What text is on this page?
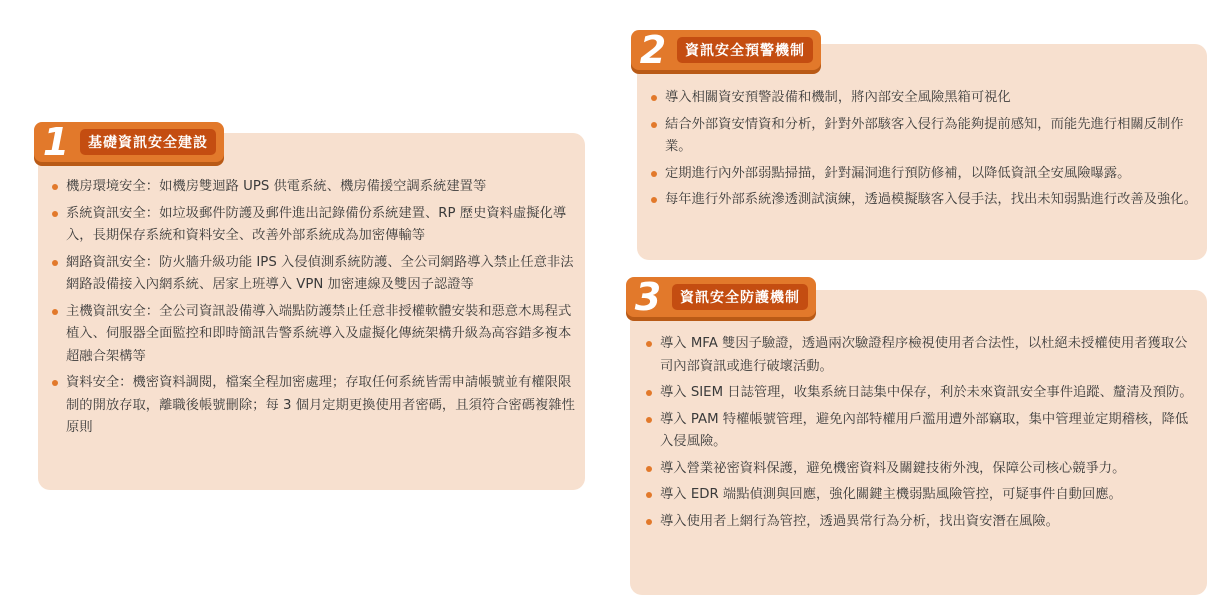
1	基礎資訊安全建設
機房環境安全：如機房雙迴路 UPS 供電系統、機房備援空調系統建置等
系統資訊安全：如垃圾郵件防護及郵件進出記錄備份系統建置、RP 歷史資料虛擬化導入，長期保存系統和資料安全、改善外部系統成為加密傳輸等
網路資訊安全：防火牆升級功能 IPS 入侵偵測系統防護、全公司網路導入禁止任意非法網路設備接入內網系統、居家上班導入 VPN 加密連線及雙因子認證等
主機資訊安全：全公司資訊設備導入端點防護禁止任意非授權軟體安裝和惡意木馬程式植入、伺服器全面監控和即時簡訊告警系統導入及虛擬化傳統架構升級為高容錯多複本超融合架構等
資料安全：機密資料調閱，檔案全程加密處理；存取任何系統皆需申請帳號並有權限限制的開放存取，離職後帳號刪除；每 3 個月定期更換使用者密碼，且須符合密碼複雜性原則
2	資訊安全預警機制
導入相關資安預警設備和機制，將內部安全風險黑箱可視化
結合外部資安情資和分析，針對外部駭客入侵行為能夠提前感知，而能先進行相關反制作業。
定期進行內外部弱點掃描，針對漏洞進行預防修補，以降低資訊全安風險曝露。
每年進行外部系統滲透測試演練，透過模擬駭客入侵手法，找出未知弱點進行改善及強化。
3	資訊安全防護機制
導入 MFA 雙因子驗證，透過兩次驗證程序檢視使用者合法性，以杜絕未授權使用者獲取公司內部資訊或進行破壞活動。
導入 SIEM 日誌管理，收集系統日誌集中保存，利於未來資訊安全事件追蹤、釐清及預防。
導入 PAM 特權帳號管理，避免內部特權用戶濫用遭外部竊取，集中管理並定期稽核，降低入侵風險。
導入營業祕密資料保護，避免機密資料及關鍵技術外洩，保障公司核心競爭力。
導入 EDR 端點偵測與回應，強化關鍵主機弱點風險管控，可疑事件自動回應。
導入使用者上網行為管控，透過異常行為分析，找出資安潛在風險。
